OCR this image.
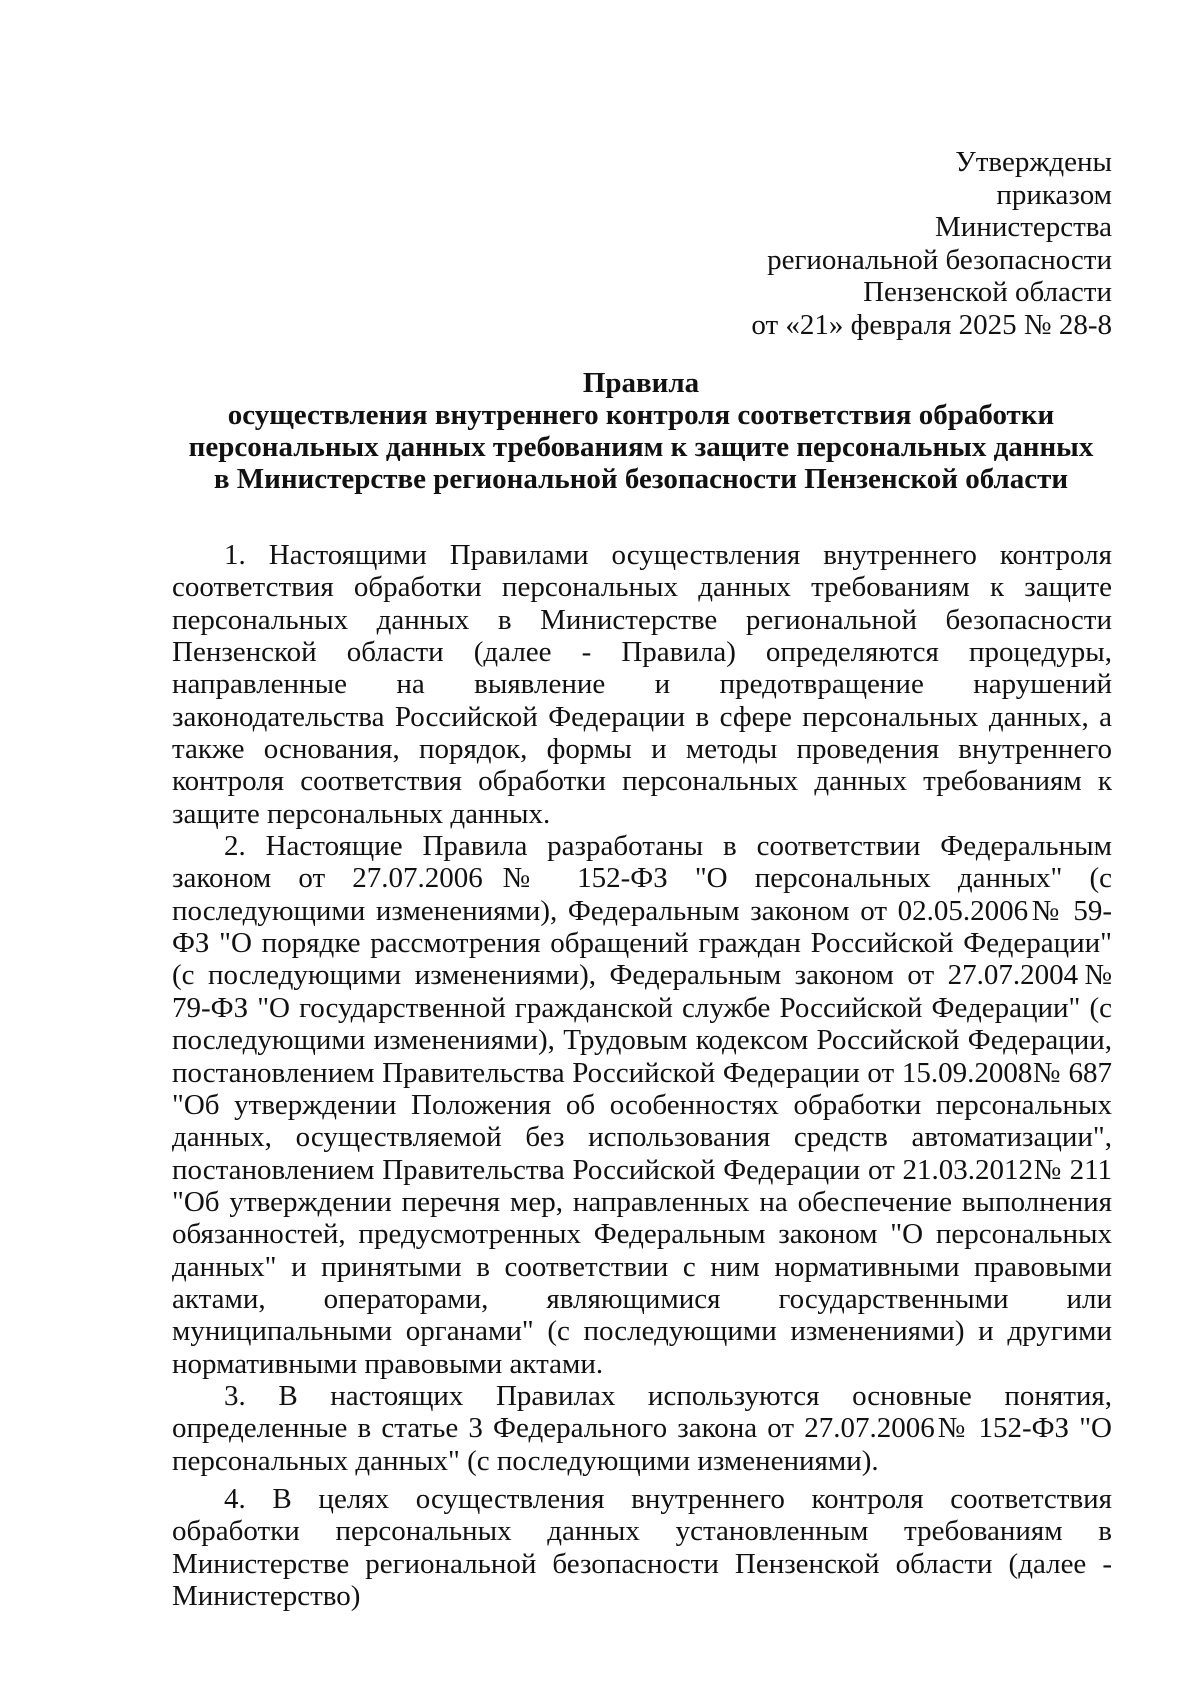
Утверждены
приказом
Министерства
региональной безопасности
Пензенской области
от «21» февраля 2025 № 28-8
Правила
осуществления внутреннего контроля соответствия обработки
персональных данных требованиям к защите персональных данных
в Министерстве региональной безопасности Пензенской области

1. Настоящими Правилами осуществления внутреннего контроля соответствия обработки персональных данных требованиям к защите персональных данных в Министерстве региональной безопасности Пензенской области (далее - Правила) определяются процедуры, направленные на выявление и предотвращение нарушений законодательства Российской Федерации в сфере персональных данных, а также основания, порядок, формы и методы проведения внутреннего контроля соответствия обработки персональных данных требованиям к защите персональных данных.

2. Настоящие Правила разработаны в соответствии Федеральным законом от 27.07.2006№ 152-ФЗ "О персональных данных" (с последующими изменениями), Федеральным законом от 02.05.2006№ 59-ФЗ "О порядке рассмотрения обращений граждан Российской Федерации" (с последующими изменениями), Федеральным законом от 27.07.2004№ 79-ФЗ "О государственной гражданской службе Российской Федерации" (с последующими изменениями), Трудовым кодексом Российской Федерации, постановлением Правительства Российской Федерации от 15.09.2008№ 687 "Об утверждении Положения об особенностях обработки персональных данных, осуществляемой без использования средств автоматизации", постановлением Правительства Российской Федерации от 21.03.2012№ 211 "Об утверждении перечня мер, направленных на обеспечение выполнения обязанностей, предусмотренных Федеральным законом "О персональных данных" и принятыми в соответствии с ним нормативными правовыми актами, операторами, являющимися государственными или муниципальными органами" (с последующими изменениями) и другими нормативными правовыми актами.

3. В настоящих Правилах используются основные понятия, определенные в статье 3 Федерального закона от 27.07.2006№ 152-ФЗ "О персональных данных" (с последующими изменениями).

4. В целях осуществления внутреннего контроля соответствия обработки персональных данных установленным требованиям в Министерстве региональной безопасности Пензенской области (далее - Министерство)
